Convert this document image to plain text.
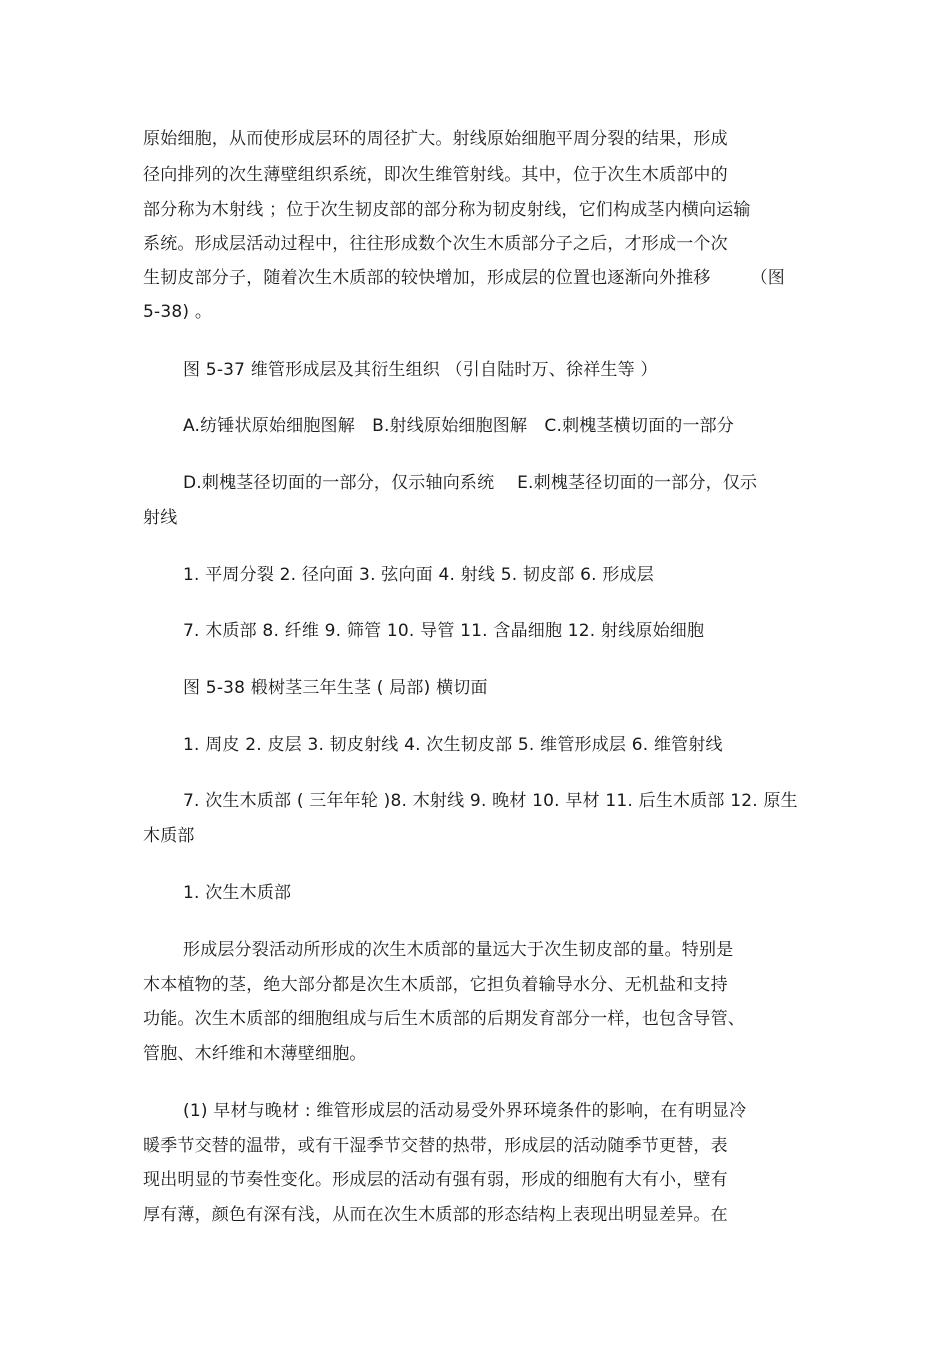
原始细胞，从而使形成层环的周径扩大。射线原始细胞平周分裂的结果，形成
径向排列的次生薄壁组织系统，即次生维管射线。其中，位于次生木质部中的
部分称为木射线 ；位于次生韧皮部的部分称为韧皮射线，它们构成茎内横向运输
系统。形成层活动过程中，往往形成数个次生木质部分子之后，才形成一个次
生韧皮部分子，随着次生木质部的较快增加，形成层的位置也逐渐向外推移　　 （图
5-38) 。
图 5-37 维管形成层及其衍生组织 （引自陆时万、徐祥生等 ）
A.纺锤状原始细胞图解　B.射线原始细胞图解　C.刺槐茎横切面的一部分
D.刺槐茎径切面的一部分，仅示轴向系统　 E.刺槐茎径切面的一部分，仅示
射线
1. 平周分裂 2. 径向面 3. 弦向面 4. 射线 5. 韧皮部 6. 形成层
7. 木质部 8. 纤维 9. 筛管 10. 导管 11. 含晶细胞 12. 射线原始细胞
图 5-38 椴树茎三年生茎 ( 局部) 横切面
1. 周皮 2. 皮层 3. 韧皮射线 4. 次生韧皮部 5. 维管形成层 6. 维管射线
7. 次生木质部 ( 三年年轮 )8. 木射线 9. 晚材 10. 早材 11. 后生木质部 12. 原生
木质部
1. 次生木质部
形成层分裂活动所形成的次生木质部的量远大于次生韧皮部的量。特别是
木本植物的茎，绝大部分都是次生木质部，它担负着输导水分、无机盐和支持
功能。次生木质部的细胞组成与后生木质部的后期发育部分一样，也包含导管、
管胞、木纤维和木薄壁细胞。
(1) 早材与晚材 : 维管形成层的活动易受外界环境条件的影响，在有明显冷
暖季节交替的温带，或有干湿季节交替的热带，形成层的活动随季节更替，表
现出明显的节奏性变化。形成层的活动有强有弱，形成的细胞有大有小，壁有
厚有薄，颜色有深有浅，从而在次生木质部的形态结构上表现出明显差异。在
